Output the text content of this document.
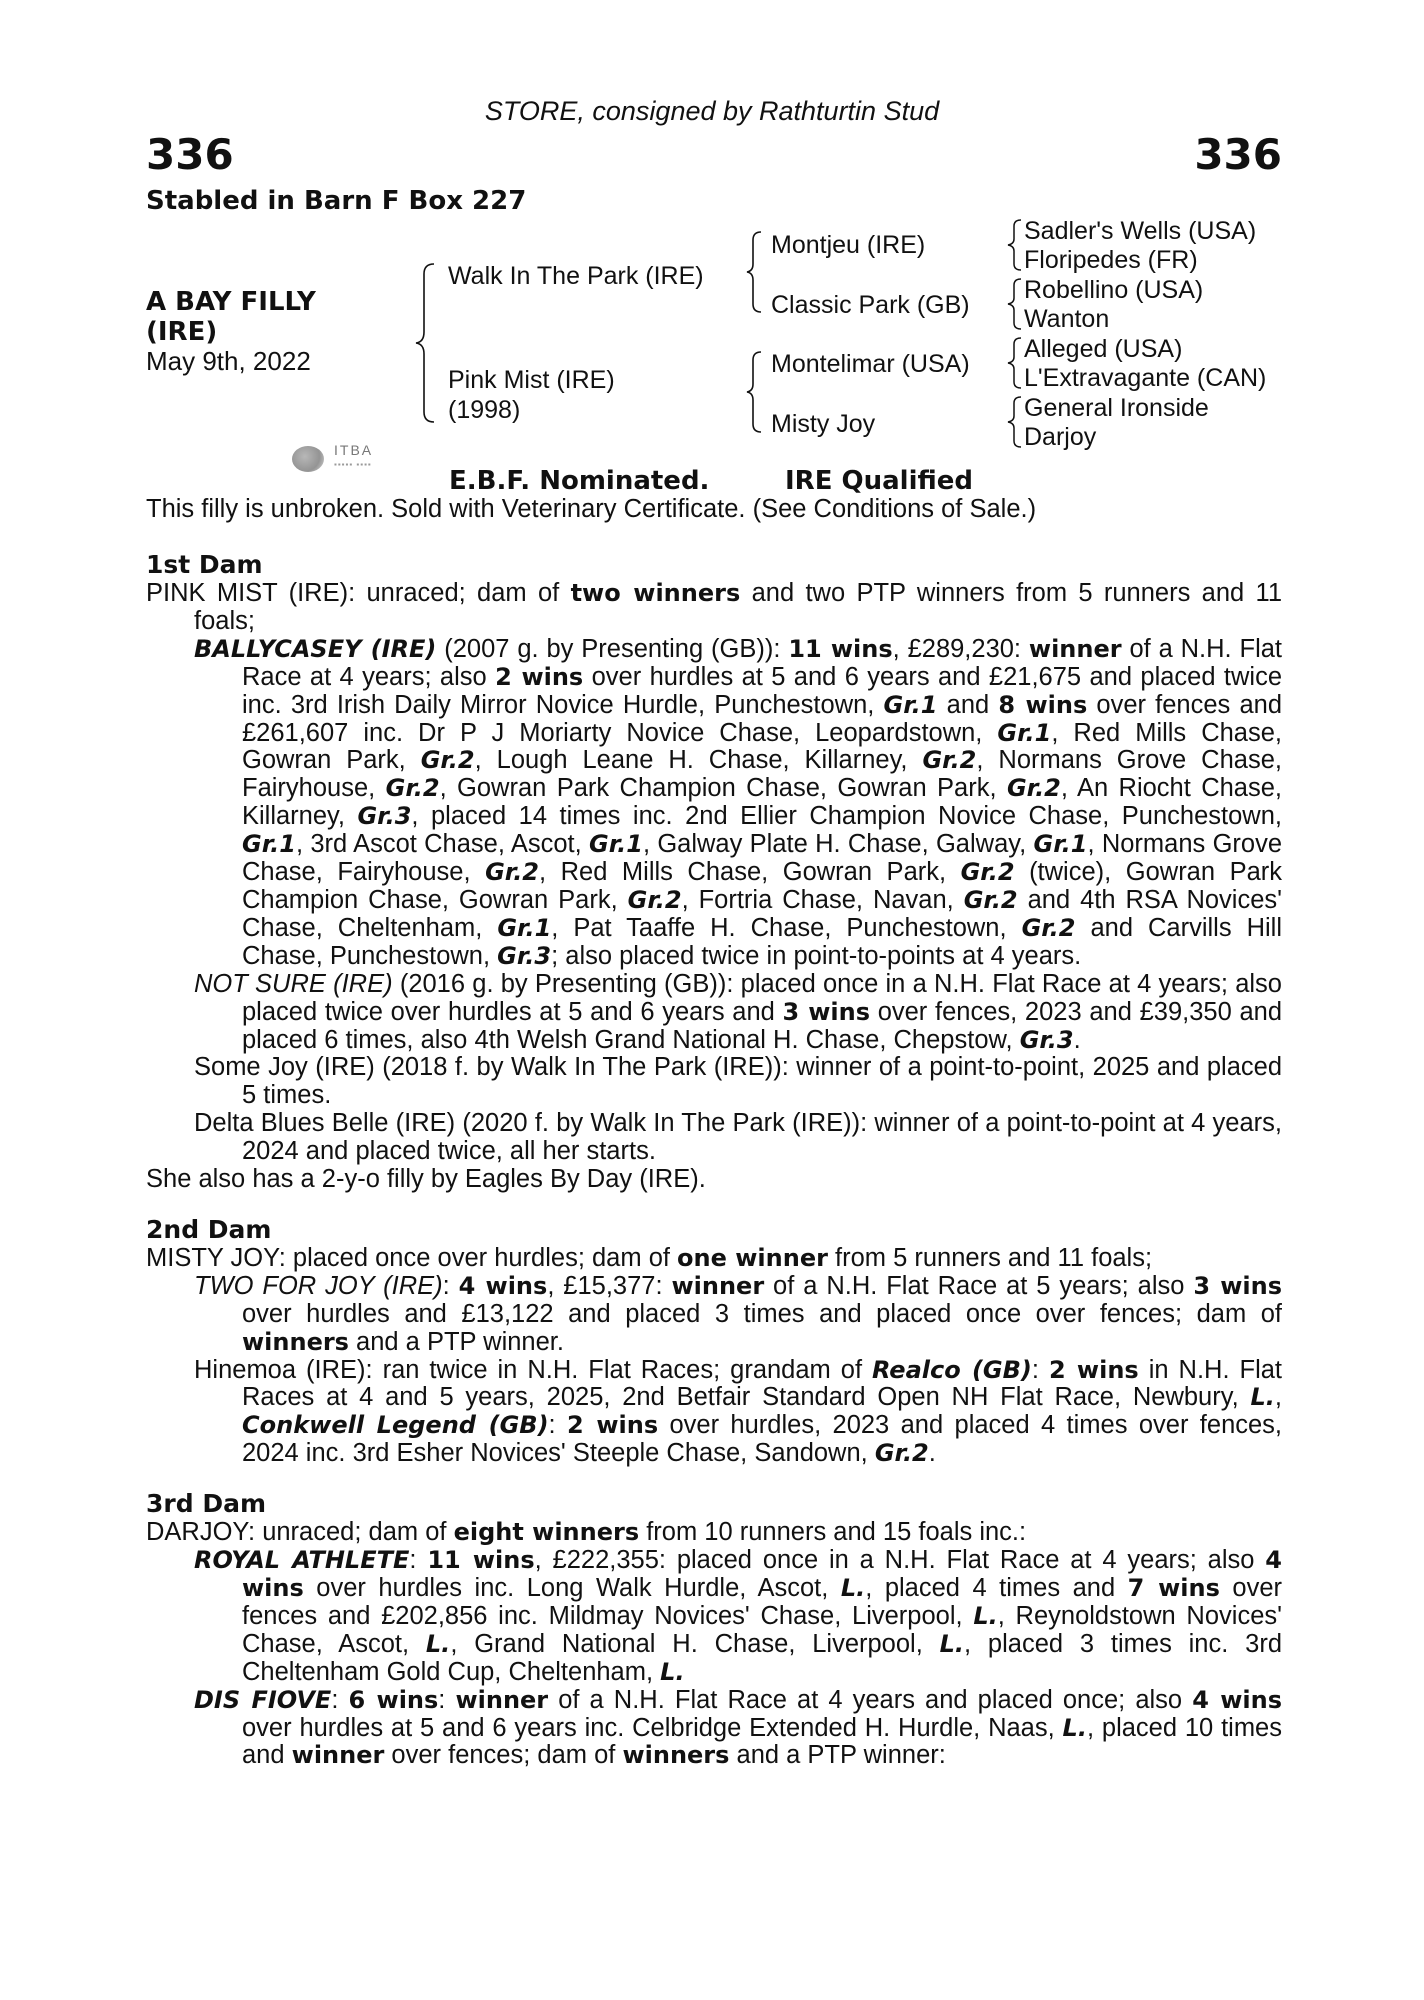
STORE, consigned by Rathturtin Stud
336	336
Stabled in Barn F Box 227
A BAY FILLY
(IRE)
May 9th, 2022
Walk In The Park (IRE)
Pink Mist (IRE)
(1998)
Montjeu (IRE)
Classic Park (GB)
Montelimar (USA)
Misty Joy
Sadler's Wells (USA)
Floripedes (FR)
Robellino (USA)
Wanton
Alleged (USA)
L'Extravagante (CAN)
General Ironside
Darjoy
ITBA
▪▪▪▪▪ ▪▪▪▪
E.B.F. Nominated.	IRE Qualified
This filly is unbroken. Sold with Veterinary Certificate. (See Conditions of Sale.)
1st Dam
PINK MIST (IRE): unraced; dam of two winners and two PTP winners from 5 runners and 11 foals;
BALLYCASEY (IRE) (2007 g. by Presenting (GB)): 11 wins, £289,230: winner of a N.H. Flat Race at 4 years; also 2 wins over hurdles at 5 and 6 years and £21,675 and placed twice inc. 3rd Irish Daily Mirror Novice Hurdle, Punchestown, Gr.1 and 8 wins over fences and £261,607 inc. Dr P J Moriarty Novice Chase, Leopardstown, Gr.1, Red Mills Chase, Gowran Park, Gr.2, Lough Leane H. Chase, Killarney, Gr.2, Normans Grove Chase, Fairyhouse, Gr.2, Gowran Park Champion Chase, Gowran Park, Gr.2, An Riocht Chase, Killarney, Gr.3, placed 14 times inc. 2nd Ellier Champion Novice Chase, Punchestown, Gr.1, 3rd Ascot Chase, Ascot, Gr.1, Galway Plate H. Chase, Galway, Gr.1, Normans Grove Chase, Fairyhouse, Gr.2, Red Mills Chase, Gowran Park, Gr.2 (twice), Gowran Park Champion Chase, Gowran Park, Gr.2, Fortria Chase, Navan, Gr.2 and 4th RSA Novices' Chase, Cheltenham, Gr.1, Pat Taaffe H. Chase, Punchestown, Gr.2 and Carvills Hill Chase, Punchestown, Gr.3; also placed twice in point-to-points at 4 years.
NOT SURE (IRE) (2016 g. by Presenting (GB)): placed once in a N.H. Flat Race at 4 years; also placed twice over hurdles at 5 and 6 years and 3 wins over fences, 2023 and £39,350 and placed 6 times, also 4th Welsh Grand National H. Chase, Chepstow, Gr.3.
Some Joy (IRE) (2018 f. by Walk In The Park (IRE)): winner of a point-to-point, 2025 and placed 5 times.
Delta Blues Belle (IRE) (2020 f. by Walk In The Park (IRE)): winner of a point-to-point at 4 years, 2024 and placed twice, all her starts.
She also has a 2-y-o filly by Eagles By Day (IRE).
2nd Dam
MISTY JOY: placed once over hurdles; dam of one winner from 5 runners and 11 foals;
TWO FOR JOY (IRE): 4 wins, £15,377: winner of a N.H. Flat Race at 5 years; also 3 wins over hurdles and £13,122 and placed 3 times and placed once over fences; dam of winners and a PTP winner.
Hinemoa (IRE): ran twice in N.H. Flat Races; grandam of Realco (GB): 2 wins in N.H. Flat Races at 4 and 5 years, 2025, 2nd Betfair Standard Open NH Flat Race, Newbury, L., Conkwell Legend (GB): 2 wins over hurdles, 2023 and placed 4 times over fences, 2024 inc. 3rd Esher Novices' Steeple Chase, Sandown, Gr.2.
3rd Dam
DARJOY: unraced; dam of eight winners from 10 runners and 15 foals inc.:
ROYAL ATHLETE: 11 wins, £222,355: placed once in a N.H. Flat Race at 4 years; also 4 wins over hurdles inc. Long Walk Hurdle, Ascot, L., placed 4 times and 7 wins over fences and £202,856 inc. Mildmay Novices' Chase, Liverpool, L., Reynoldstown Novices' Chase, Ascot, L., Grand National H. Chase, Liverpool, L., placed 3 times inc. 3rd Cheltenham Gold Cup, Cheltenham, L.
DIS FIOVE: 6 wins: winner of a N.H. Flat Race at 4 years and placed once; also 4 wins over hurdles at 5 and 6 years inc. Celbridge Extended H. Hurdle, Naas, L., placed 10 times and winner over fences; dam of winners and a PTP winner:
